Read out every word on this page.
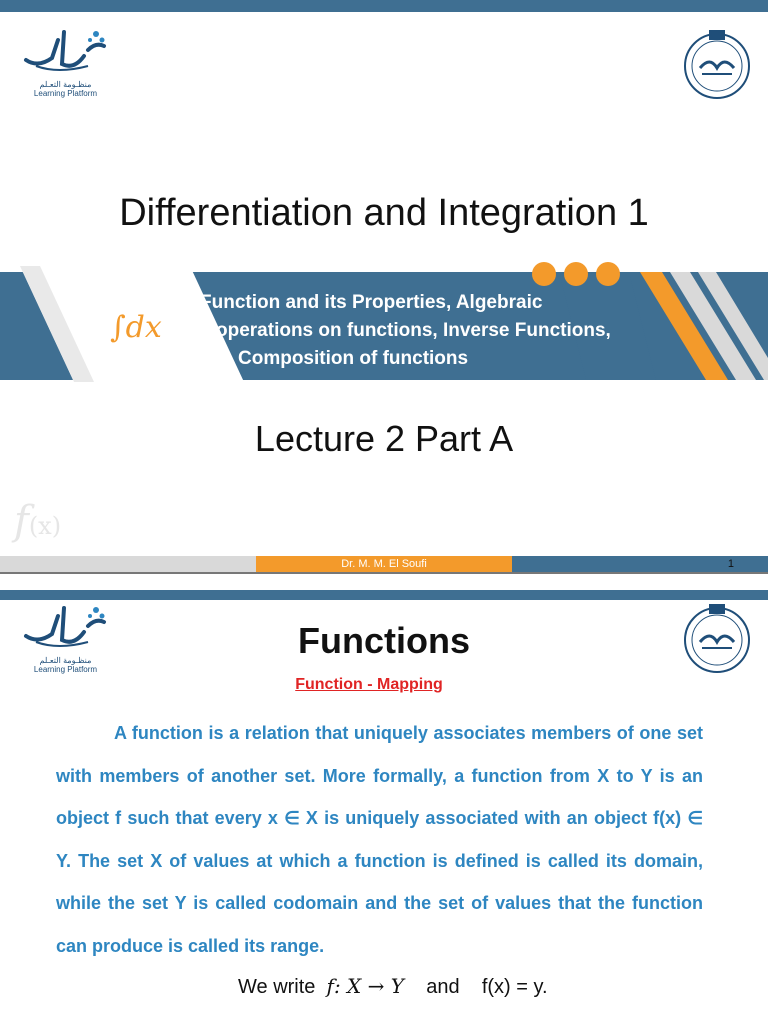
منظـومة التعـلم
Learning Platform
Differentiation and Integration 1
∫dx
Function and its Properties, Algebraic
operations on functions, Inverse Functions,
Composition of functions
Lecture 2 Part A
f(x)
Dr. M. M. El Soufi	1
منظـومة التعـلم
Learning Platform
Functions
Function - Mapping
A function is a relation that uniquely associates members of one set with members of another set. More formally, a function from X to Y is an object f such that every x ∈ X is uniquely associated with an object f(x) ∈ Y. The set X of values at which a function is defined is called its domain, while the set Y is called codomain and the set of values that the function can produce is called its range.
We write f: X → Y and f(x) = y.
